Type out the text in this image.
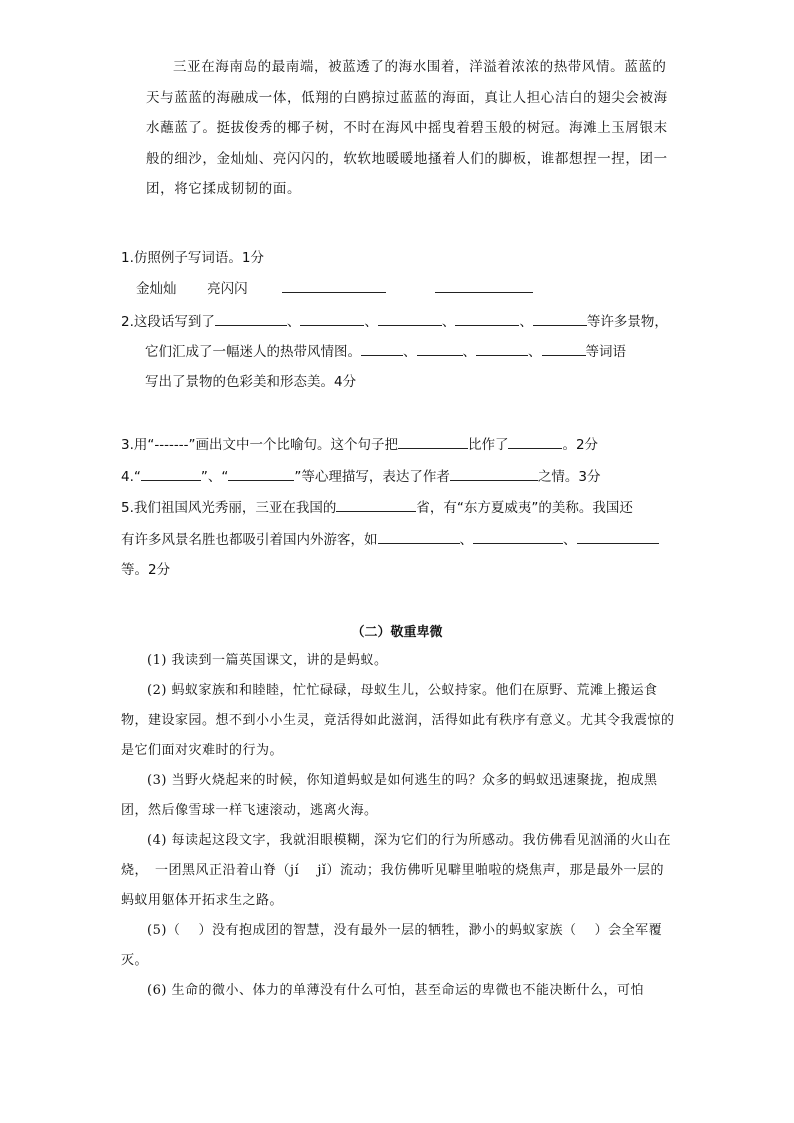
三亚在海南岛的最南端，被蓝透了的海水围着，洋溢着浓浓的热带风情。蓝蓝的天与蓝蓝的海融成一体，低翔的白鸥掠过蓝蓝的海面，真让人担心洁白的翅尖会被海水蘸蓝了。挺拔俊秀的椰子树，不时在海风中摇曳着碧玉般的树冠。海滩上玉屑银末般的细沙，金灿灿、亮闪闪的，软软地暖暖地搔着人们的脚板，谁都想捏一捏，团一团，将它揉成韧韧的面。

1.仿照例子写词语。1分
金灿灿 亮闪闪
2.这段话写到了	、	、	、	、	等许多景物，
它们汇成了一幅迷人的热带风情图。	、	、	、	等词语
写出了景物的色彩美和形态美。4分
3.用“-------”画出文中一个比喻句。这个句子把	比作了	。2分
4.“	”、“	”等心理描写，表达了作者	之情。3分
5.我们祖国风光秀丽，三亚在我国的	省，有“东方夏威夷”的美称。我国还
有许多风景名胜也都吸引着国内外游客，如	、	、
等。2分
（二）敬重卑微

(1) 我读到一篇英国课文，讲的是蚂蚁。

(2) 蚂蚁家族和和睦睦，忙忙碌碌，母蚁生儿，公蚁持家。他们在原野、荒滩上搬运食物，建设家园。想不到小小生灵，竟活得如此滋润，活得如此有秩序有意义。尤其令我震惊的是它们面对灾难时的行为。

(3) 当野火烧起来的时候，你知道蚂蚁是如何逃生的吗？众多的蚂蚁迅速聚拢，抱成黑团，然后像雪球一样飞速滚动，逃离火海。

(4) 每读起这段文字，我就泪眼模糊，深为它们的行为所感动。我仿佛看见汹涌的火山在烧，　一团黑风正沿着山脊（jí　 jǐ）流动；我仿佛听见噼里啪啦的烧焦声，那是最外一层的蚂蚁用躯体开拓求生之路。

(5)（　 ）没有抱成团的智慧，没有最外一层的牺牲，渺小的蚂蚁家族（　 ）会全军覆灭。

(6) 生命的微小、体力的单薄没有什么可怕，甚至命运的卑微也不能决断什么，可怕
